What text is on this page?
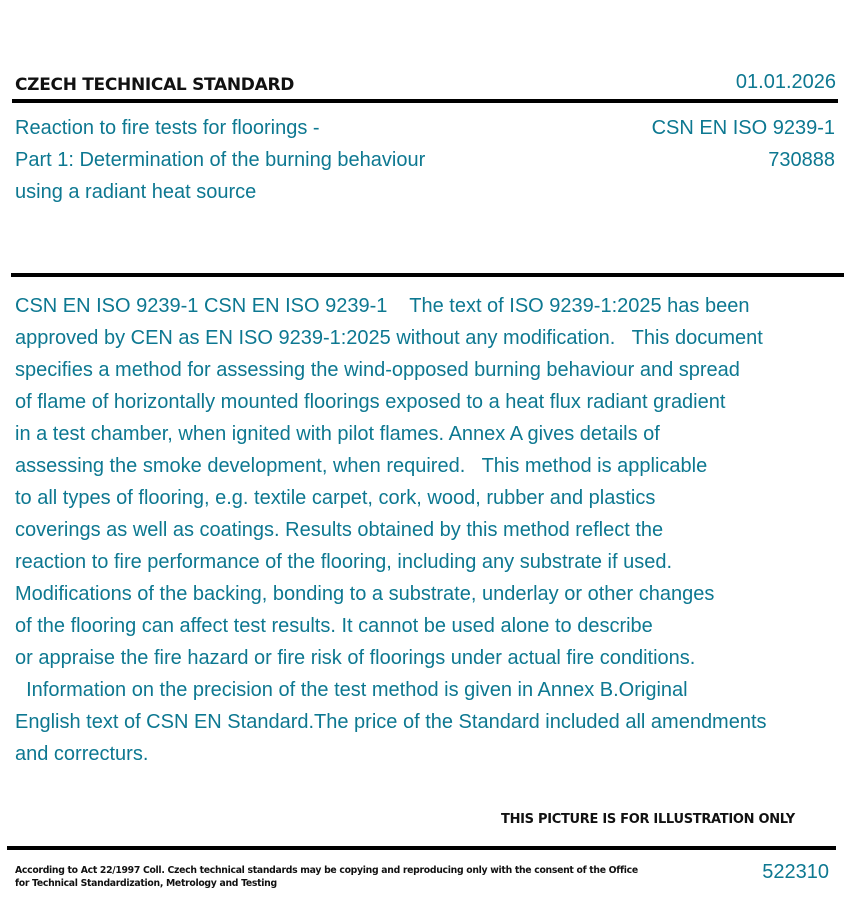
CZECH TECHNICAL STANDARD	01.01.2026
Reaction to fire tests for floorings -
Part 1: Determination of the burning behaviour
using a radiant heat source
CSN EN ISO 9239-1
730888
CSN EN ISO 9239-1 CSN EN ISO 9239-1    The text of ISO 9239-1:2025 has been
approved by CEN as EN ISO 9239-1:2025 without any modification.   This document
specifies a method for assessing the wind-opposed burning behaviour and spread
of flame of horizontally mounted floorings exposed to a heat flux radiant gradient
in a test chamber, when ignited with pilot flames. Annex A gives details of
assessing the smoke development, when required.   This method is applicable
to all types of flooring, e.g. textile carpet, cork, wood, rubber and plastics
coverings as well as coatings. Results obtained by this method reflect the
reaction to fire performance of the flooring, including any substrate if used.
Modifications of the backing, bonding to a substrate, underlay or other changes
of the flooring can affect test results. It cannot be used alone to describe
or appraise the fire hazard or fire risk of floorings under actual fire conditions.
Information on the precision of the test method is given in Annex B.Original
English text of CSN EN Standard.The price of the Standard included all amendments
and correcturs.
THIS PICTURE IS FOR ILLUSTRATION ONLY
According to Act 22/1997 Coll. Czech technical standards may be copying and reproducing only with the consent of the Office
for Technical Standardization, Metrology and Testing
522310
